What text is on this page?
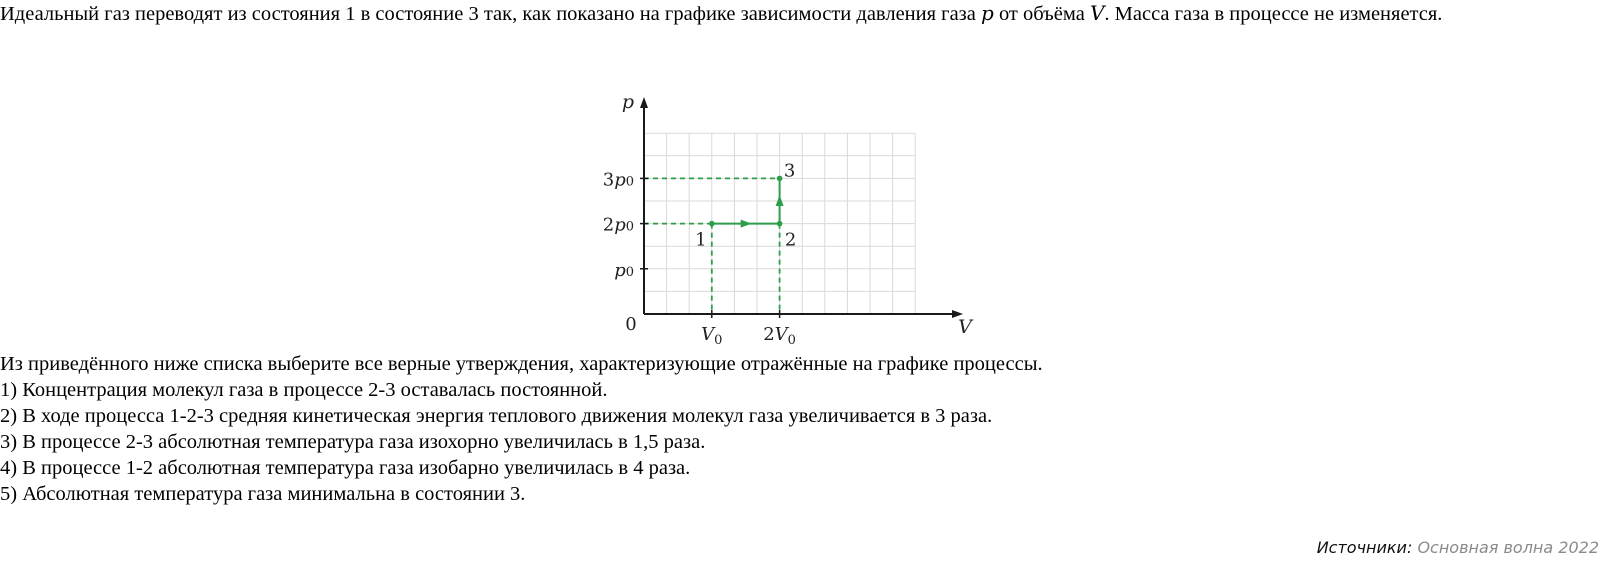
Идеальный газ переводят из состояния 1 в состояние 3 так, как показано на графике зависимости давления газа p от объёма V. Масса газа в процессе не изменяется.

p
V
0
3p0
2p0
p0
$V_0$ $2V_0$
1	2
3

Из приведённого ниже списка выберите все верные утверждения, характеризующие отражённые на графике процессы.

1) Концентрация молекул газа в процессе 2-3 оставалась постоянной.

2) В ходе процесса 1-2-3 средняя кинетическая энергия теплового движения молекул газа увеличивается в 3 раза.

3) В процессе 2-3 абсолютная температура газа изохорно увеличилась в 1,5 раза.

4) В процессе 1-2 абсолютная температура газа изобарно увеличилась в 4 раза.

5) Абсолютная температура газа минимальна в состоянии 3.

Источники: Основная волна 2022
